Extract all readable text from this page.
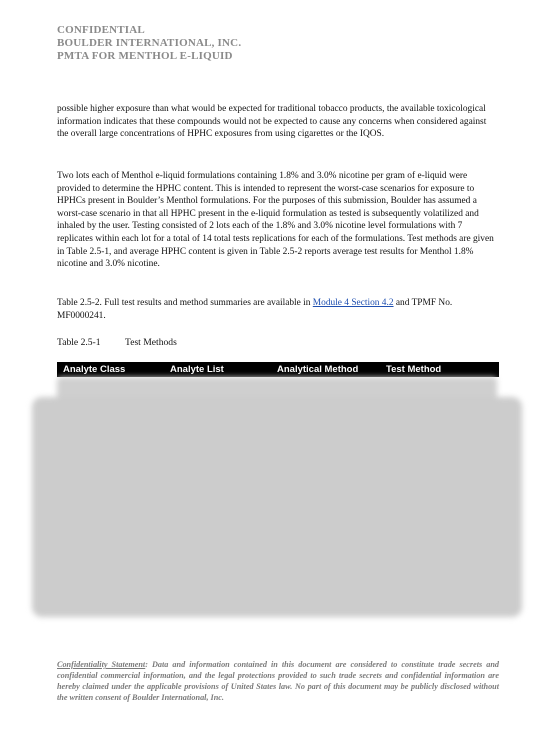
CONFIDENTIAL
BOULDER INTERNATIONAL, INC.
PMTA FOR MENTHOL E-LIQUID
possible higher exposure than what would be expected for traditional tobacco products, the available toxicological information indicates that these compounds would not be expected to cause any concerns when considered against the overall large concentrations of HPHC exposures from using cigarettes or the IQOS.
Two lots each of Menthol e-liquid formulations containing 1.8% and 3.0% nicotine per gram of e-liquid were provided to determine the HPHC content. This is intended to represent the worst-case scenarios for exposure to HPHCs present in Boulder’s Menthol formulations. For the purposes of this submission, Boulder has assumed a worst-case scenario in that all HPHC present in the e-liquid formulation as tested is subsequently volatilized and inhaled by the user. Testing consisted of 2 lots each of the 1.8% and 3.0% nicotine level formulations with 7 replicates within each lot for a total of 14 total tests replications for each of the formulations. Test methods are given in Table 2.5-1, and average HPHC content is given in Table 2.5-2 reports average test results for Menthol 1.8% nicotine and 3.0% nicotine.
Table 2.5-2. Full test results and method summaries are available in Module 4 Section 4.2 and TPMF No. MF0000241.
Table 2.5-1	Test Methods
Analyte Class	Analyte List	Analytical Method	Test Method
Confidentiality Statement: Data and information contained in this document are considered to constitute trade secrets and confidential commercial information, and the legal protections provided to such trade secrets and confidential information are hereby claimed under the applicable provisions of United States law. No part of this document may be publicly disclosed without the written consent of Boulder International, Inc.
